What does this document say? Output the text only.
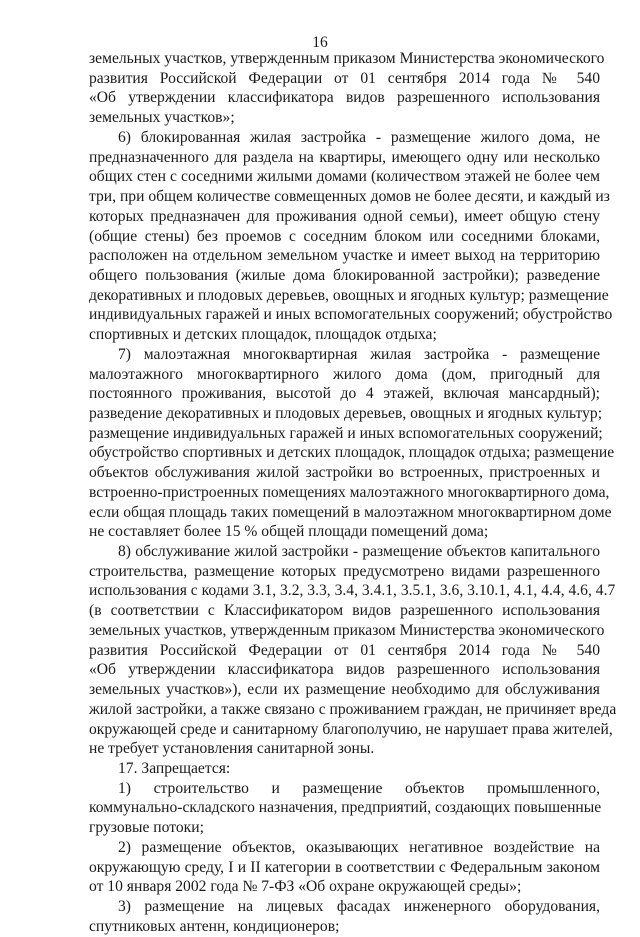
16
земельных участков, утвержденным приказом Министерства экономического
развития Российской Федерации от 01 сентября 2014 года № 540
«Об утверждении классификатора видов разрешенного использования
земельных участков»;
6) блокированная жилая застройка - размещение жилого дома, не
предназначенного для раздела на квартиры, имеющего одну или несколько
общих стен с соседними жилыми домами (количеством этажей не более чем
три, при общем количестве совмещенных домов не более десяти, и каждый из
которых предназначен для проживания одной семьи), имеет общую стену
(общие стены) без проемов с соседним блоком или соседними блоками,
расположен на отдельном земельном участке и имеет выход на территорию
общего пользования (жилые дома блокированной застройки); разведение
декоративных и плодовых деревьев, овощных и ягодных культур; размещение
индивидуальных гаражей и иных вспомогательных сооружений; обустройство
спортивных и детских площадок, площадок отдыха;
7) малоэтажная многоквартирная жилая застройка - размещение
малоэтажного многоквартирного жилого дома (дом, пригодный для
постоянного проживания, высотой до 4 этажей, включая мансардный);
разведение декоративных и плодовых деревьев, овощных и ягодных культур;
размещение индивидуальных гаражей и иных вспомогательных сооружений;
обустройство спортивных и детских площадок, площадок отдыха; размещение
объектов обслуживания жилой застройки во встроенных, пристроенных и
встроенно-пристроенных помещениях малоэтажного многоквартирного дома,
если общая площадь таких помещений в малоэтажном многоквартирном доме
не составляет более 15 % общей площади помещений дома;
8) обслуживание жилой застройки - размещение объектов капитального
строительства, размещение которых предусмотрено видами разрешенного
использования с кодами 3.1, 3.2, 3.3, 3.4, 3.4.1, 3.5.1, 3.6, 3.10.1, 4.1, 4.4, 4.6, 4.7
(в соответствии с Классификатором видов разрешенного использования
земельных участков, утвержденным приказом Министерства экономического
развития Российской Федерации от 01 сентября 2014 года № 540
«Об утверждении классификатора видов разрешенного использования
земельных участков»), если их размещение необходимо для обслуживания
жилой застройки, а также связано с проживанием граждан, не причиняет вреда
окружающей среде и санитарному благополучию, не нарушает права жителей,
не требует установления санитарной зоны.
17. Запрещается:
1) строительство и размещение объектов промышленного,
коммунально-складского назначения, предприятий, создающих повышенные
грузовые потоки;
2) размещение объектов, оказывающих негативное воздействие на
окружающую среду, I и II категории в соответствии с Федеральным законом
от 10 января 2002 года № 7-ФЗ «Об охране окружающей среды»;
3) размещение на лицевых фасадах инженерного оборудования,
спутниковых антенн, кондиционеров;
